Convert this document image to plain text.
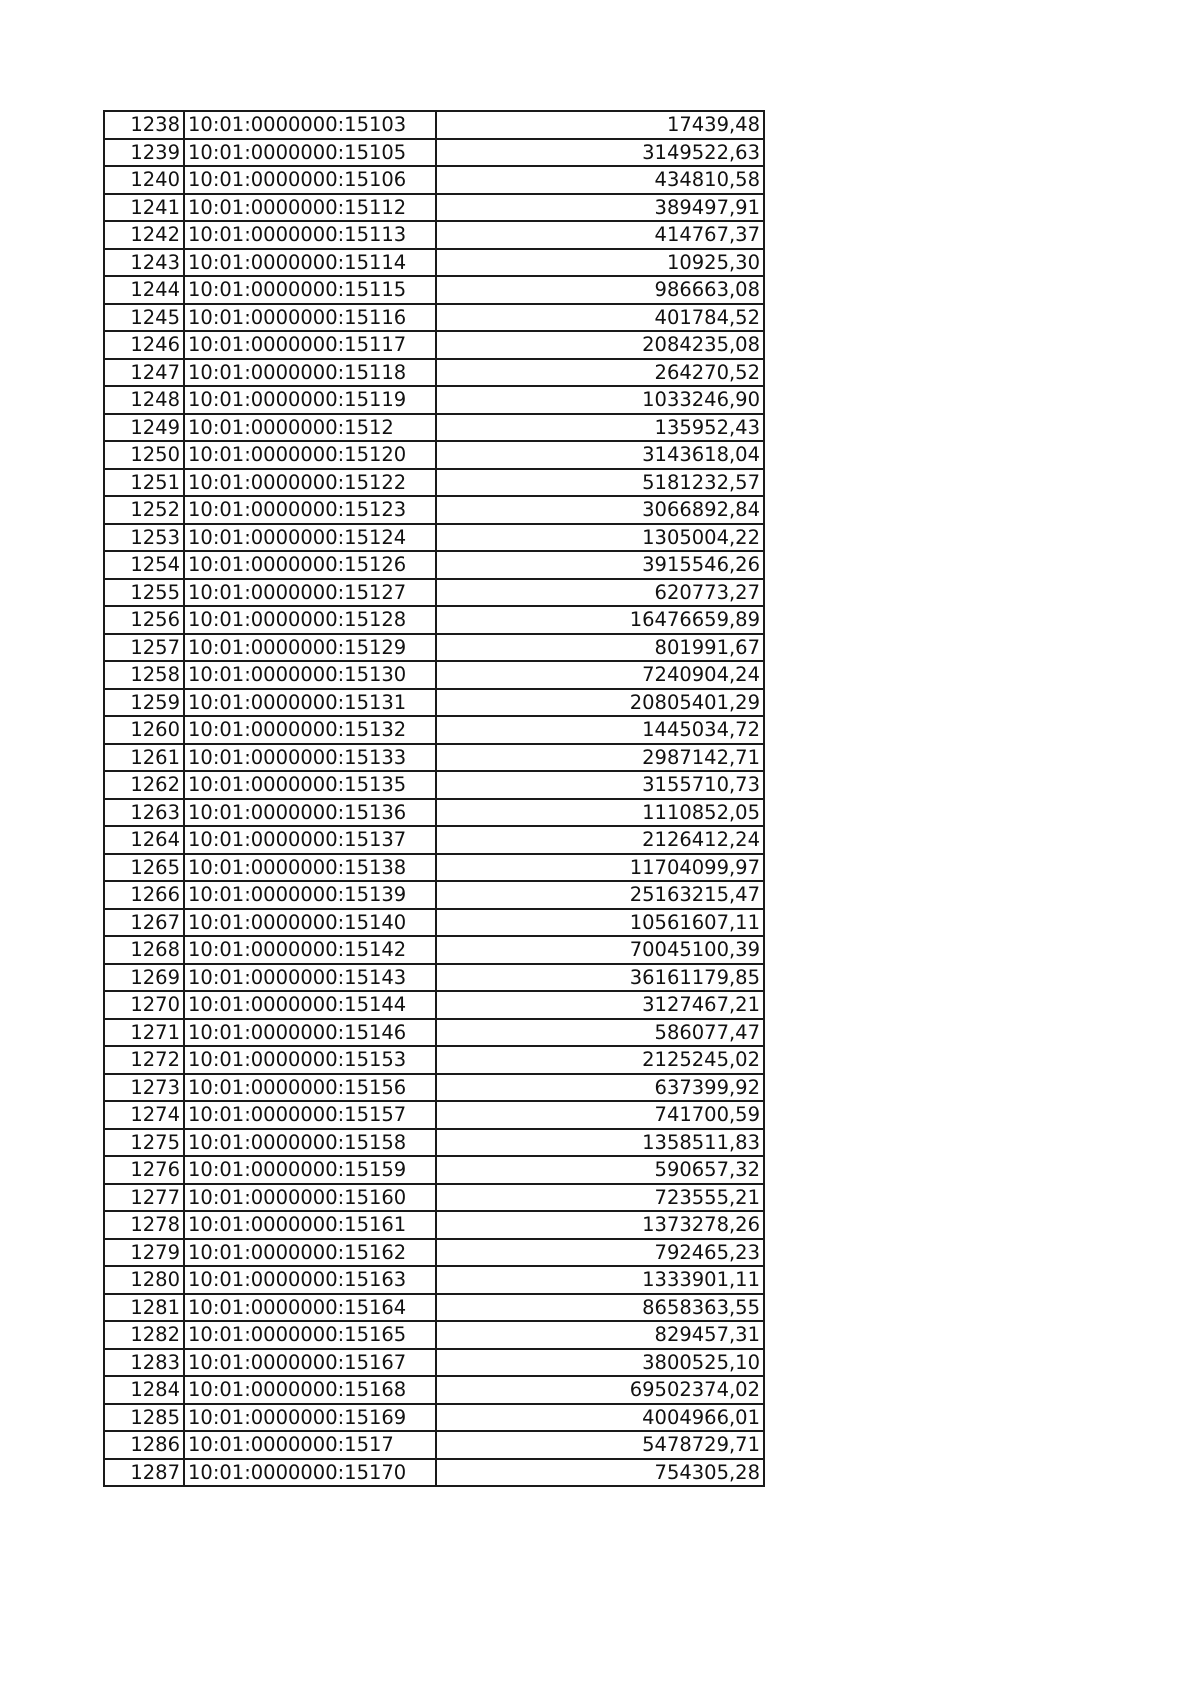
1238	10:01:0000000:15103	17439,48
1239	10:01:0000000:15105	3149522,63
1240	10:01:0000000:15106	434810,58
1241	10:01:0000000:15112	389497,91
1242	10:01:0000000:15113	414767,37
1243	10:01:0000000:15114	10925,30
1244	10:01:0000000:15115	986663,08
1245	10:01:0000000:15116	401784,52
1246	10:01:0000000:15117	2084235,08
1247	10:01:0000000:15118	264270,52
1248	10:01:0000000:15119	1033246,90
1249	10:01:0000000:1512	135952,43
1250	10:01:0000000:15120	3143618,04
1251	10:01:0000000:15122	5181232,57
1252	10:01:0000000:15123	3066892,84
1253	10:01:0000000:15124	1305004,22
1254	10:01:0000000:15126	3915546,26
1255	10:01:0000000:15127	620773,27
1256	10:01:0000000:15128	16476659,89
1257	10:01:0000000:15129	801991,67
1258	10:01:0000000:15130	7240904,24
1259	10:01:0000000:15131	20805401,29
1260	10:01:0000000:15132	1445034,72
1261	10:01:0000000:15133	2987142,71
1262	10:01:0000000:15135	3155710,73
1263	10:01:0000000:15136	1110852,05
1264	10:01:0000000:15137	2126412,24
1265	10:01:0000000:15138	11704099,97
1266	10:01:0000000:15139	25163215,47
1267	10:01:0000000:15140	10561607,11
1268	10:01:0000000:15142	70045100,39
1269	10:01:0000000:15143	36161179,85
1270	10:01:0000000:15144	3127467,21
1271	10:01:0000000:15146	586077,47
1272	10:01:0000000:15153	2125245,02
1273	10:01:0000000:15156	637399,92
1274	10:01:0000000:15157	741700,59
1275	10:01:0000000:15158	1358511,83
1276	10:01:0000000:15159	590657,32
1277	10:01:0000000:15160	723555,21
1278	10:01:0000000:15161	1373278,26
1279	10:01:0000000:15162	792465,23
1280	10:01:0000000:15163	1333901,11
1281	10:01:0000000:15164	8658363,55
1282	10:01:0000000:15165	829457,31
1283	10:01:0000000:15167	3800525,10
1284	10:01:0000000:15168	69502374,02
1285	10:01:0000000:15169	4004966,01
1286	10:01:0000000:1517	5478729,71
1287	10:01:0000000:15170	754305,28
